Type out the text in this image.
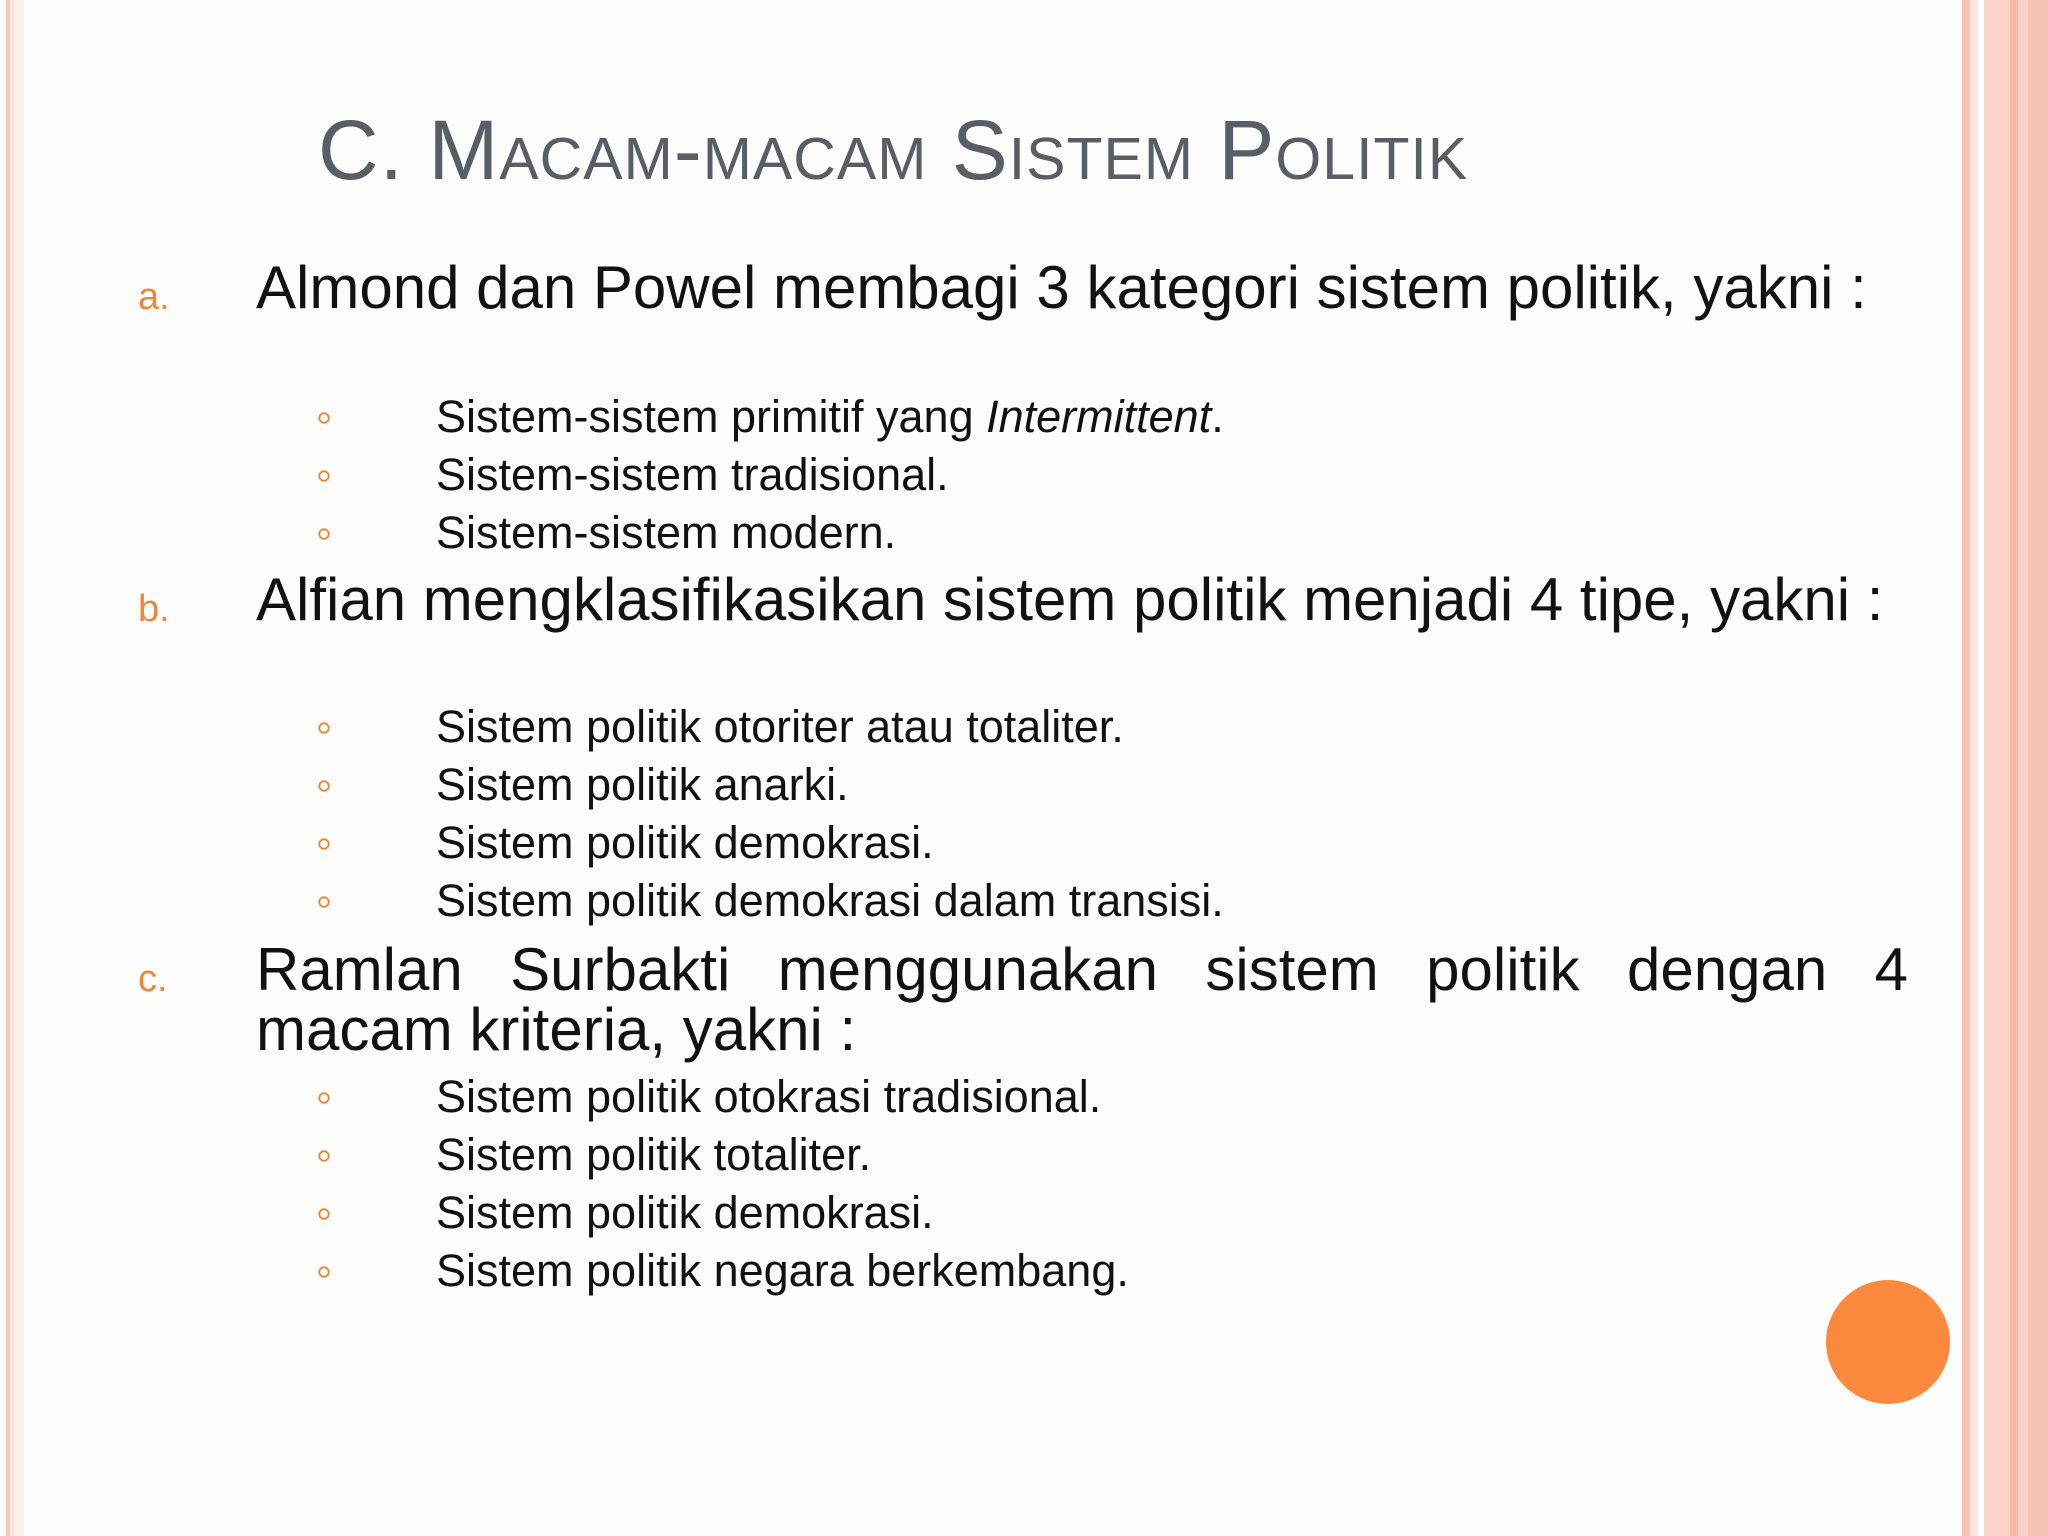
C. Macam-macam Sistem Politik
a. Almond dan Powel membagi 3 kategori sistem politik, yakni :
Sistem-sistem primitif yang Intermittent.
Sistem-sistem tradisional.
Sistem-sistem modern.
b. Alfian mengklasifikasikan sistem politik menjadi 4 tipe, yakni :
Sistem politik otoriter atau totaliter.
Sistem politik anarki.
Sistem politik demokrasi.
Sistem politik demokrasi dalam transisi.
c. Ramlan Surbakti menggunakan sistem politik dengan 4 macam kriteria, yakni :
Sistem politik otokrasi tradisional.
Sistem politik totaliter.
Sistem politik demokrasi.
Sistem politik negara berkembang.
